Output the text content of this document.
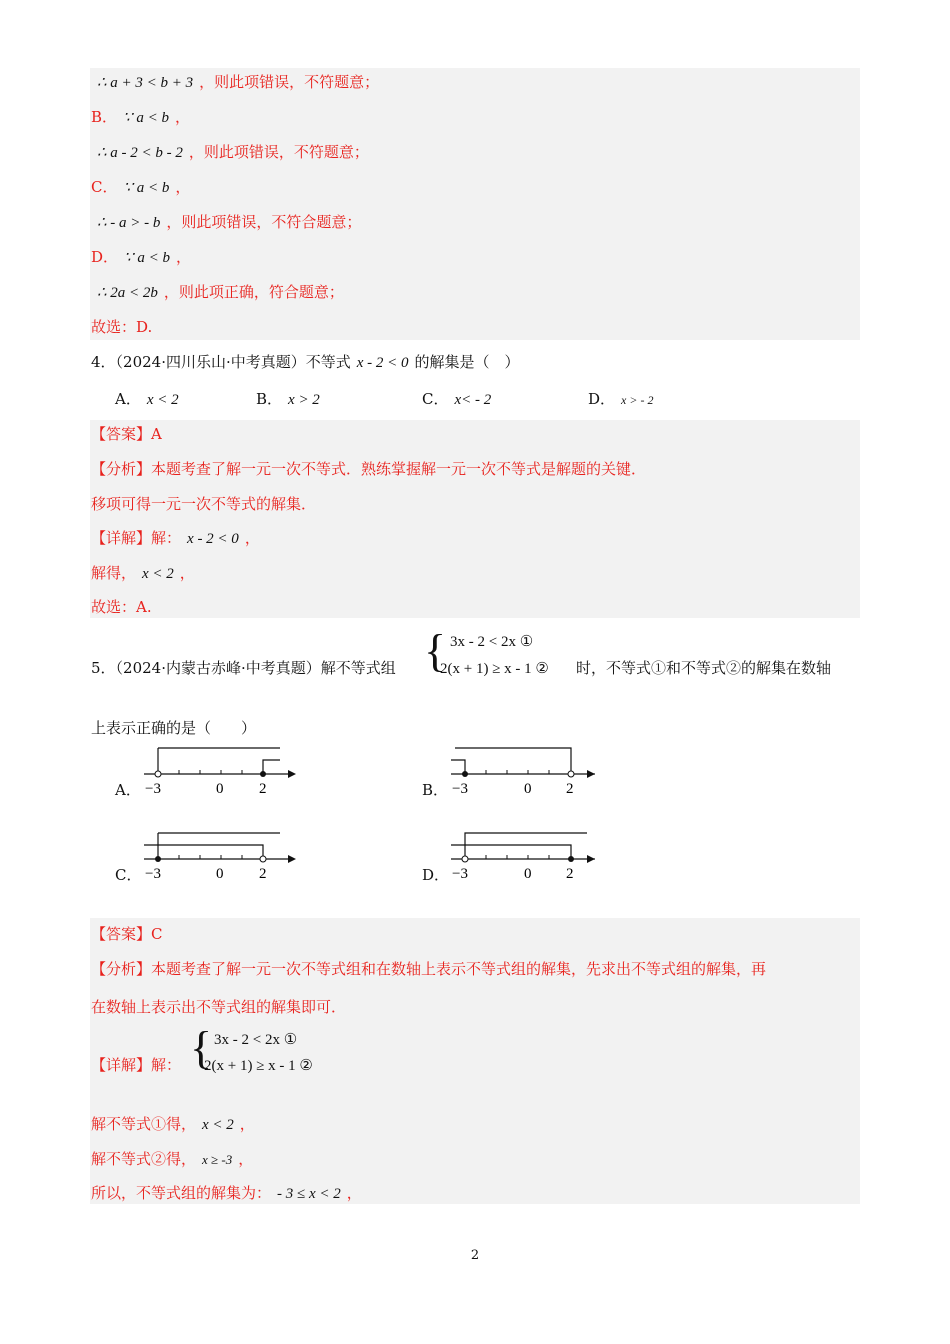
∴ a + 3 < b + 3 ，则此项错误，不符题意；
B． ∵ a < b ，
∴ a - 2 < b - 2 ，则此项错误，不符题意；
C． ∵ a < b ，
∴ - a > - b ，则此项错误，不符合题意；
D． ∵ a < b ，
∴ 2a < 2b ，则此项正确，符合题意；
故选：D.
4．（2024·四川乐山·中考真题）不等式 x - 2 < 0 的解集是（　）
A． x < 2	B． x > 2	C． x< - 2	D． x > - 2
【答案】A
【分析】本题考查了解一元一次不等式．熟练掌握解一元一次不等式是解题的关键．
移项可得一元一次不等式的解集．
【详解】解： x - 2 < 0 ，
解得， x < 2 ，
故选：A.
5．（2024·内蒙古赤峰·中考真题）解不等式组 { 3x - 2 < 2x ①
2(x + 1) ≥ x - 1 ② 时，不等式①和不等式②的解集在数轴
上表示正确的是（　　）
A． −3	0 2	B． −3	0 2
C． −3	0 2	D． −3	0 2
【答案】C
【分析】本题考查了解一元一次不等式组和在数轴上表示不等式组的解集，先求出不等式组的解集，再
在数轴上表示出不等式组的解集即可．
【详解】解： { 3x - 2 < 2x ①
2(x + 1) ≥ x - 1 ②
解不等式①得， x < 2 ，
解不等式②得， x ≥ -3 ，
所以，不等式组的解集为： - 3 ≤ x < 2 ，
2
